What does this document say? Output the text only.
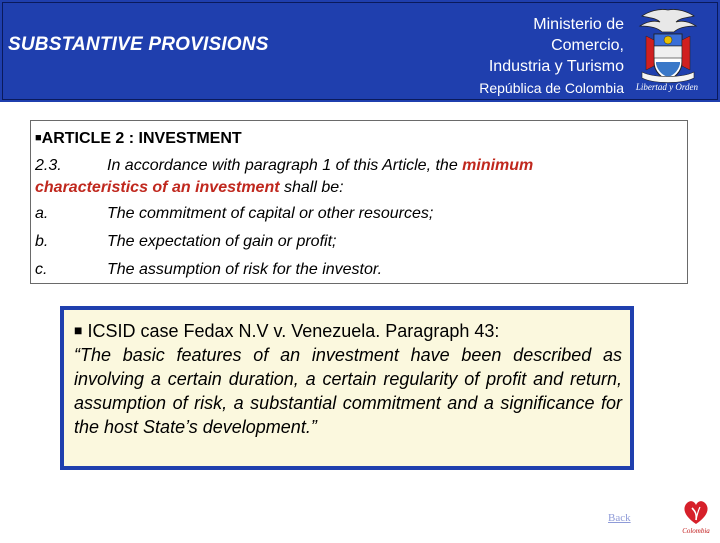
SUBSTANTIVE PROVISIONS
Ministerio de
Comercio,
Industria y Turismo
República de Colombia Libertad y Orden
■ARTICLE 2 : INVESTMENT
2.3.	In accordance with paragraph 1 of this Article, the minimum
characteristics of an investment shall be:
a.	The commitment of capital or other resources;
b.	The expectation of gain or profit;
c.	The assumption of risk for the investor.
■ ICSID case Fedax N.V v. Venezuela. Paragraph 43:
“The basic features of an investment have been described as involving a certain duration, a certain regularity of profit and return, assumption of risk, a substantial commitment and a significance for the host State’s development.”
Back
Colombia
